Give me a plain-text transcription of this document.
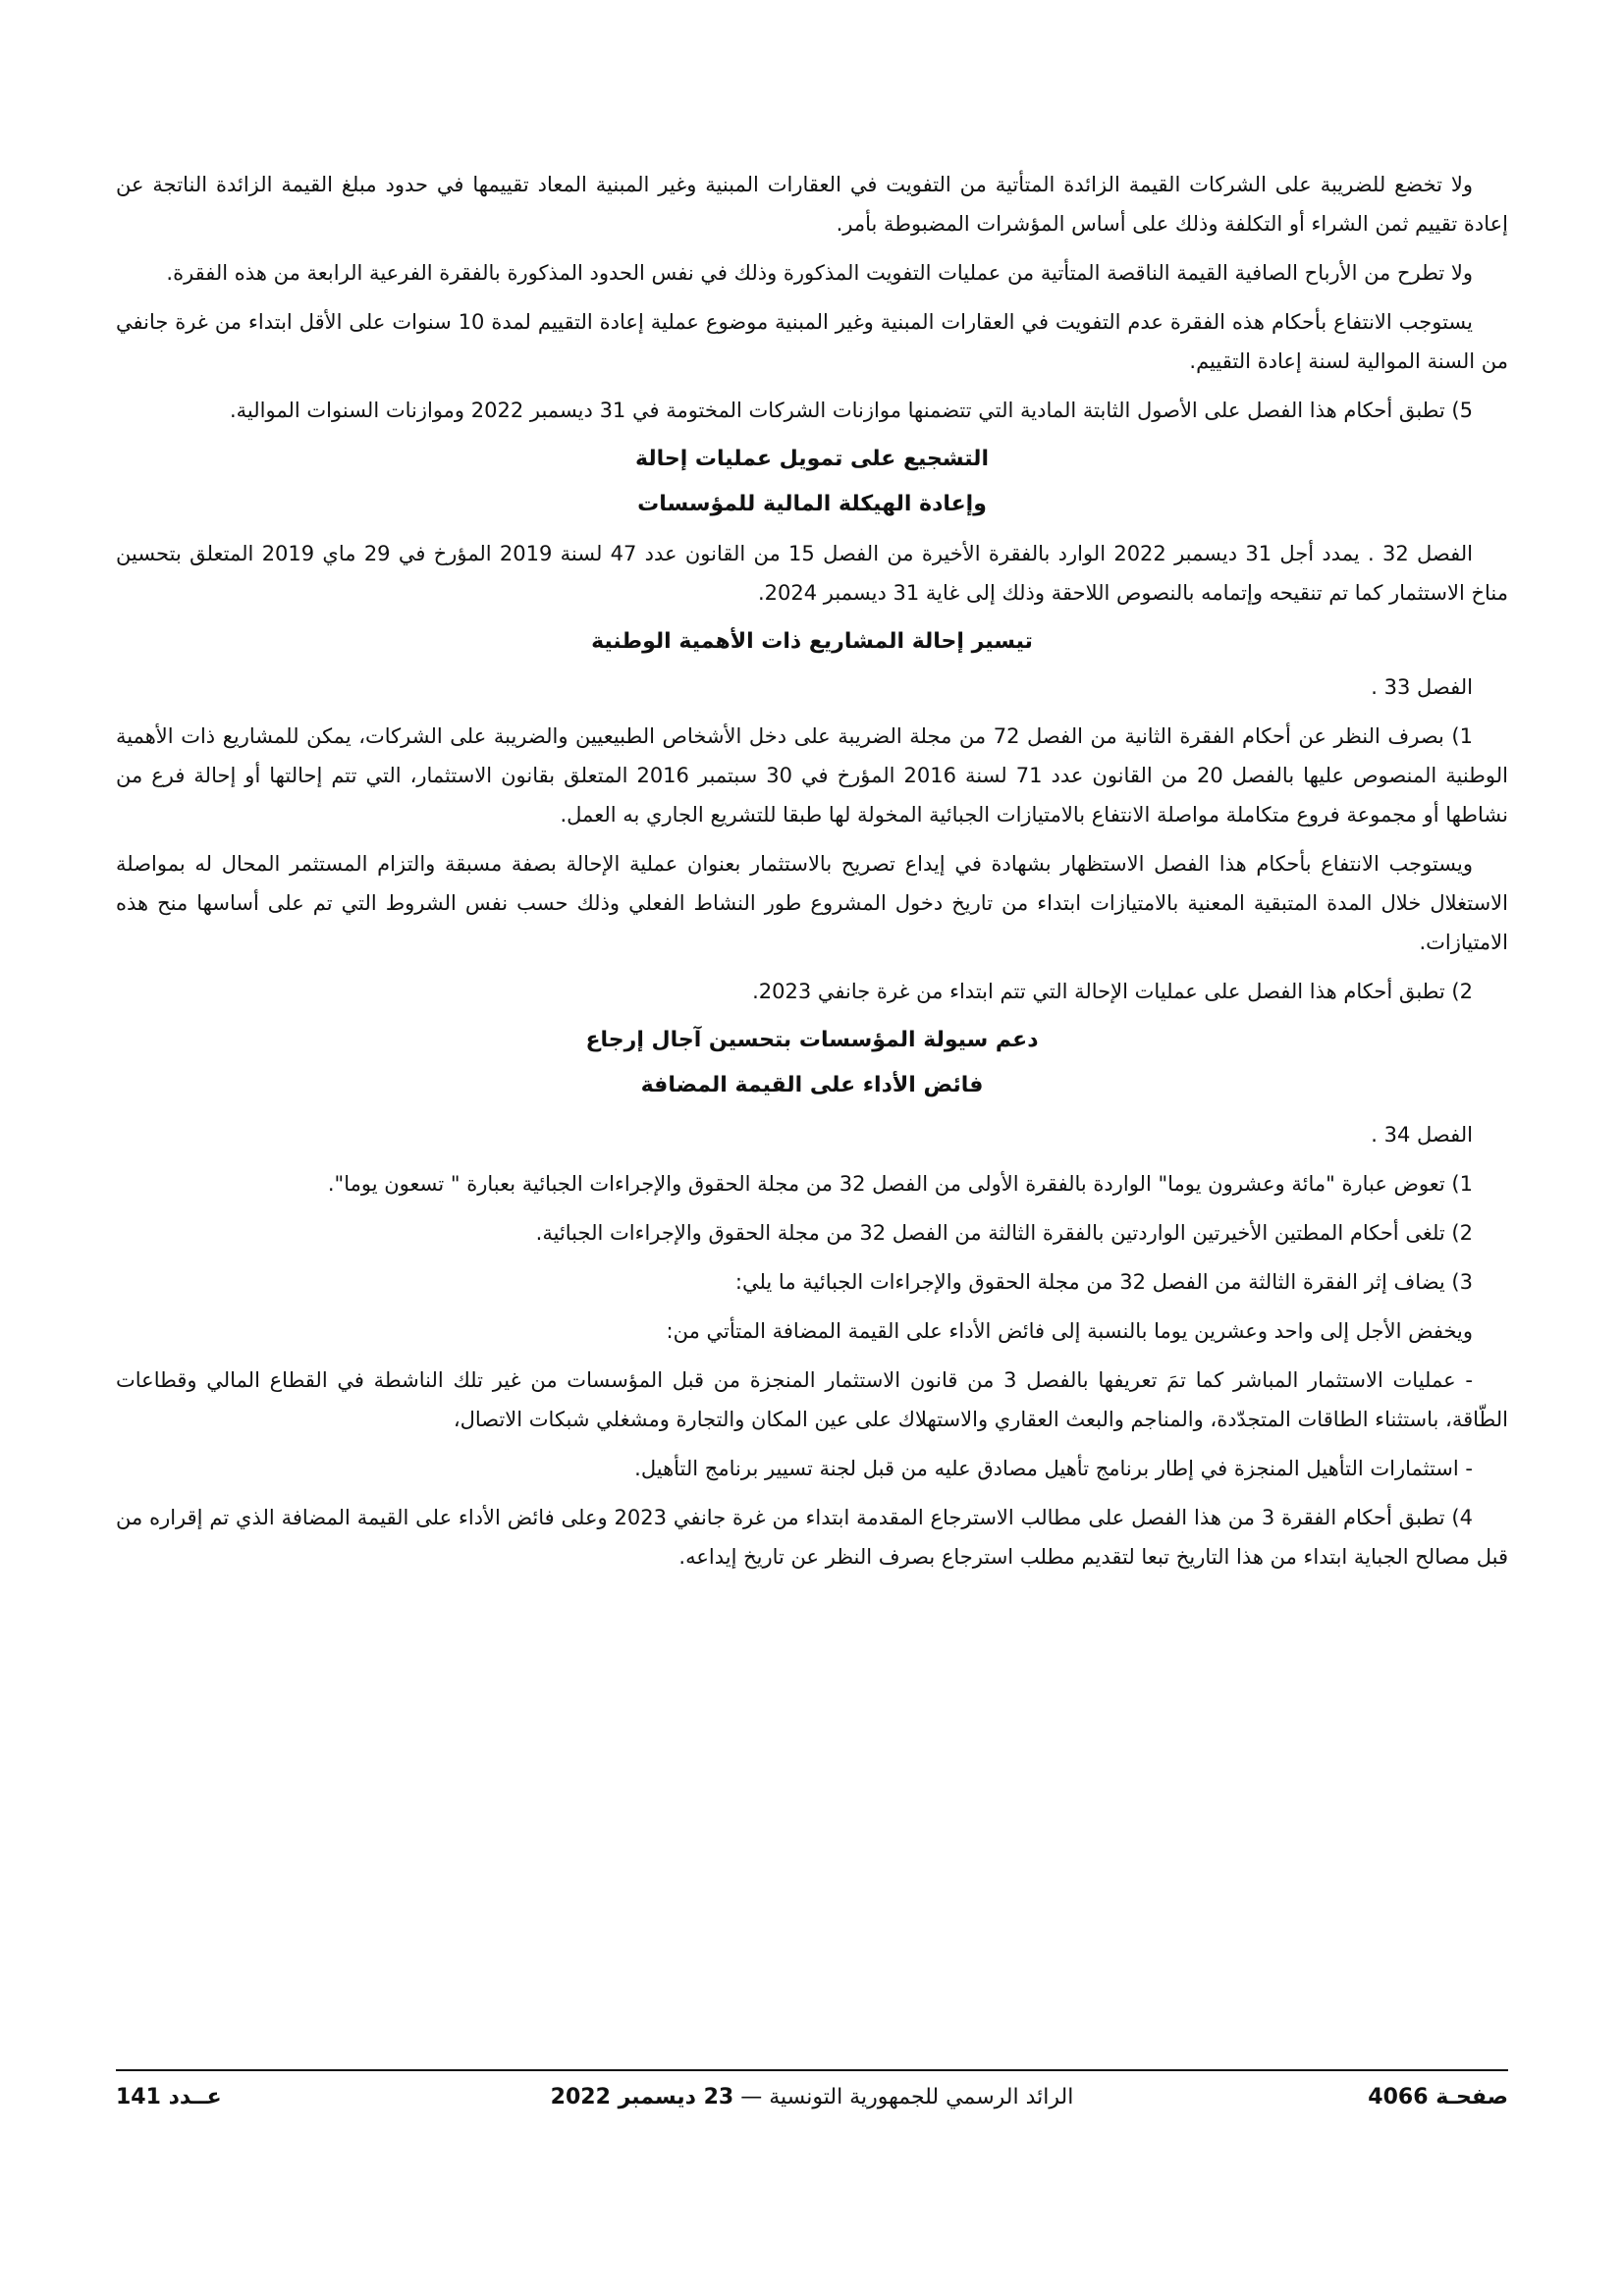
ولا تخضع للضريبة على الشركات القيمة الزائدة المتأتية من التفويت في العقارات المبنية وغير المبنية المعاد تقييمها في حدود مبلغ القيمة الزائدة الناتجة عن إعادة تقييم ثمن الشراء أو التكلفة وذلك على أساس المؤشرات المضبوطة بأمر.

ولا تطرح من الأرباح الصافية القيمة الناقصة المتأتية من عمليات التفويت المذكورة وذلك في نفس الحدود المذكورة بالفقرة الفرعية الرابعة من هذه الفقرة.

يستوجب الانتفاع بأحكام هذه الفقرة عدم التفويت في العقارات المبنية وغير المبنية موضوع عملية إعادة التقييم لمدة 10 سنوات على الأقل ابتداء من غرة جانفي من السنة الموالية لسنة إعادة التقييم.

5) تطبق أحكام هذا الفصل على الأصول الثابتة المادية التي تتضمنها موازنات الشركات المختومة في 31 ديسمبر 2022 وموازنات السنوات الموالية.

التشجيع على تمويل عمليات إحالة
وإعادة الهيكلة المالية للمؤسسات

الفصل 32 . يمدد أجل 31 ديسمبر 2022 الوارد بالفقرة الأخيرة من الفصل 15 من القانون عدد 47 لسنة 2019 المؤرخ في 29 ماي 2019 المتعلق بتحسين مناخ الاستثمار كما تم تنقيحه وإتمامه بالنصوص اللاحقة وذلك إلى غاية 31 ديسمبر 2024.

تيسير إحالة المشاريع ذات الأهمية الوطنية

الفصل 33 .

1) بصرف النظر عن أحكام الفقرة الثانية من الفصل 72 من مجلة الضريبة على دخل الأشخاص الطبيعيين والضريبة على الشركات، يمكن للمشاريع ذات الأهمية الوطنية المنصوص عليها بالفصل 20 من القانون عدد 71 لسنة 2016 المؤرخ في 30 سبتمبر 2016 المتعلق بقانون الاستثمار، التي تتم إحالتها أو إحالة فرع من نشاطها أو مجموعة فروع متكاملة مواصلة الانتفاع بالامتيازات الجبائية المخولة لها طبقا للتشريع الجاري به العمل.

ويستوجب الانتفاع بأحكام هذا الفصل الاستظهار بشهادة في إيداع تصريح بالاستثمار بعنوان عملية الإحالة بصفة مسبقة والتزام المستثمر المحال له بمواصلة الاستغلال خلال المدة المتبقية المعنية بالامتيازات ابتداء من تاريخ دخول المشروع طور النشاط الفعلي وذلك حسب نفس الشروط التي تم على أساسها منح هذه الامتيازات.

2) تطبق أحكام هذا الفصل على عمليات الإحالة التي تتم ابتداء من غرة جانفي 2023.

دعم سيولة المؤسسات بتحسين آجال إرجاع
فائض الأداء على القيمة المضافة

الفصل 34 .

1) تعوض عبارة "مائة وعشرون يوما" الواردة بالفقرة الأولى من الفصل 32 من مجلة الحقوق والإجراءات الجبائية بعبارة " تسعون يوما".

2) تلغى أحكام المطتين الأخيرتين الواردتين بالفقرة الثالثة من الفصل 32 من مجلة الحقوق والإجراءات الجبائية.

3) يضاف إثر الفقرة الثالثة من الفصل 32 من مجلة الحقوق والإجراءات الجبائية ما يلي:

ويخفض الأجل إلى واحد وعشرين يوما بالنسبة إلى فائض الأداء على القيمة المضافة المتأتي من:

- عمليات الاستثمار المباشر كما تمَ تعريفها بالفصل 3 من قانون الاستثمار المنجزة من قبل المؤسسات من غير تلك الناشطة في القطاع المالي وقطاعات الطّاقة، باستثناء الطاقات المتجدّدة، والمناجم والبعث العقاري والاستهلاك على عين المكان والتجارة ومشغلي شبكات الاتصال،

- استثمارات التأهيل المنجزة في إطار برنامج تأهيل مصادق عليه من قبل لجنة تسيير برنامج التأهيل.

4) تطبق أحكام الفقرة 3 من هذا الفصل على مطالب الاسترجاع المقدمة ابتداء من غرة جانفي 2023 وعلى فائض الأداء على القيمة المضافة الذي تم إقراره من قبل مصالح الجباية ابتداء من هذا التاريخ تبعا لتقديم مطلب استرجاع بصرف النظر عن تاريخ إيداعه.

صفحـة 4066
الرائد الرسمي للجمهورية التونسية — 23 ديسمبر 2022
عــدد 141
